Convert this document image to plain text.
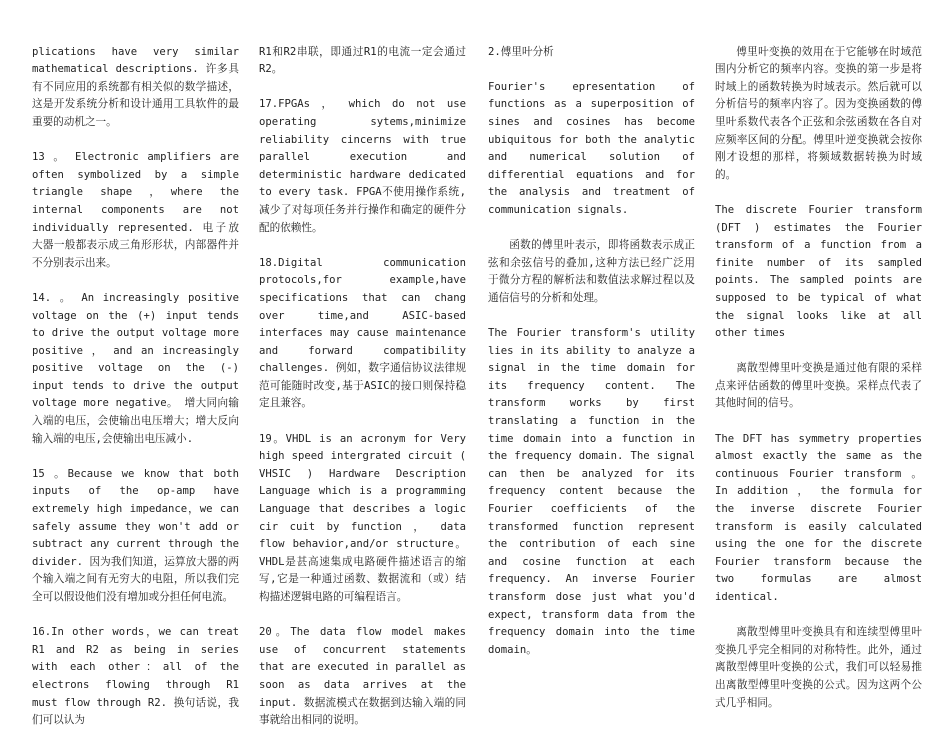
plications have very similar mathematical descriptions. 许多具有不同应用的系统都有相关似的数学描述，这是开发系统分析和设计通用工具软件的最重要的动机之一。

13 。 Electronic amplifiers are often symbolized by a simple triangle shape ，where the internal components are not individually represented. 电子放大器一般都表示成三角形形状，内部器件并不分别表示出来。

14. 。 An increasingly positive voltage on the (+) input tends to drive the output voltage more positive ， and an increasingly positive voltage on the (-) input tends to drive the output voltage more negative。 增大同向输入端的电压，会使输出电压增大；增大反向输入端的电压,会使输出电压减小.

15 。Because we know that both inputs of the op-amp have extremely high impedance，we can safely assume they won't add or subtract any current through the divider. 因为我们知道，运算放大器的两个输入端之间有无穷大的电阻，所以我们完全可以假设他们没有增加或分担任何电流。

16.In other words，we can treat R1 and R2 as being in series with each other：all of the electrons flowing through R1 must flow through R2. 换句话说，我们可以认为

R1和R2串联，即通过R1的电流一定会通过R2。

17.FPGAs ， which do not use operating sytems,minimize reliability cincerns with true parallel execution and deterministic hardware dedicated to every task. FPGA不使用操作系统,减少了对每项任务并行操作和确定的硬件分配的依赖性。

18.Digital communication protocols,for example,have specifications that can chang over time,and ASIC-based interfaces may cause maintenance and forward compatibility challenges. 例如，数字通信协议法律规范可能随时改变,基于ASIC的接口则保持稳定且兼容。

19。VHDL is an acronym for Very high speed intergrated circuit ( VHSIC ) Hardware Description Language which is a programming Language that describes a logic cir cuit by function ， data flow behavior,and/or structure。 VHDL是甚高速集成电路硬件描述语言的缩写,它是一种通过函数、数据流和（或）结构描述逻辑电路的可编程语言。

20。The data flow model makes use of concurrent statements that are executed in parallel as soon as data arrives at the input. 数据流模式在数据到达输入端的同事就给出相同的说明。

2.傅里叶分析

Fourier's epresentation of functions as a superposition of sines and cosines has become ubiquitous for both the analytic and numerical solution of differential equations and for the analysis and treatment of communication signals.

函数的傅里叶表示，即将函数表示成正弦和余弦信号的叠加,这种方法已经广泛用于微分方程的解析法和数值法求解过程以及通信信号的分析和处理。

The Fourier transform's utility lies in its ability to analyze a signal in the time domain for its frequency content. The transform works by first translating a function in the time domain into a function in the frequency domain. The signal can then be analyzed for its frequency content because the Fourier coefficients of the transformed function represent the contribution of each sine and cosine function at each frequency. An inverse Fourier transform dose just what you'd expect, transform data from the frequency domain into the time domain。

傅里叶变换的效用在于它能够在时域范围内分析它的频率内容。变换的第一步是将时域上的函数转换为时域表示。然后就可以分析信号的频率内容了。因为变换函数的傅里叶系数代表各个正弦和余弦函数在各自对应频率区间的分配。傅里叶逆变换就会按你刚才设想的那样，将频域数据转换为时域的。

The discrete Fourier transform (DFT ) estimates the Fourier transform of a function from a finite number of its sampled points. The sampled points are supposed to be typical of what the signal looks like at all other times

离散型傅里叶变换是通过他有限的采样点来评估函数的傅里叶变换。采样点代表了其他时间的信号。

The DFT has symmetry properties almost exactly the same as the continuous Fourier transform 。 In addition ， the formula for the inverse discrete Fourier transform is easily calculated using the one for the discrete Fourier transform because the two formulas are almost identical.

离散型傅里叶变换具有和连续型傅里叶变换几乎完全相同的对称特性。此外，通过离散型傅里叶变换的公式，我们可以轻易推出离散型傅里叶变换的公式。因为这两个公式几乎相同。
